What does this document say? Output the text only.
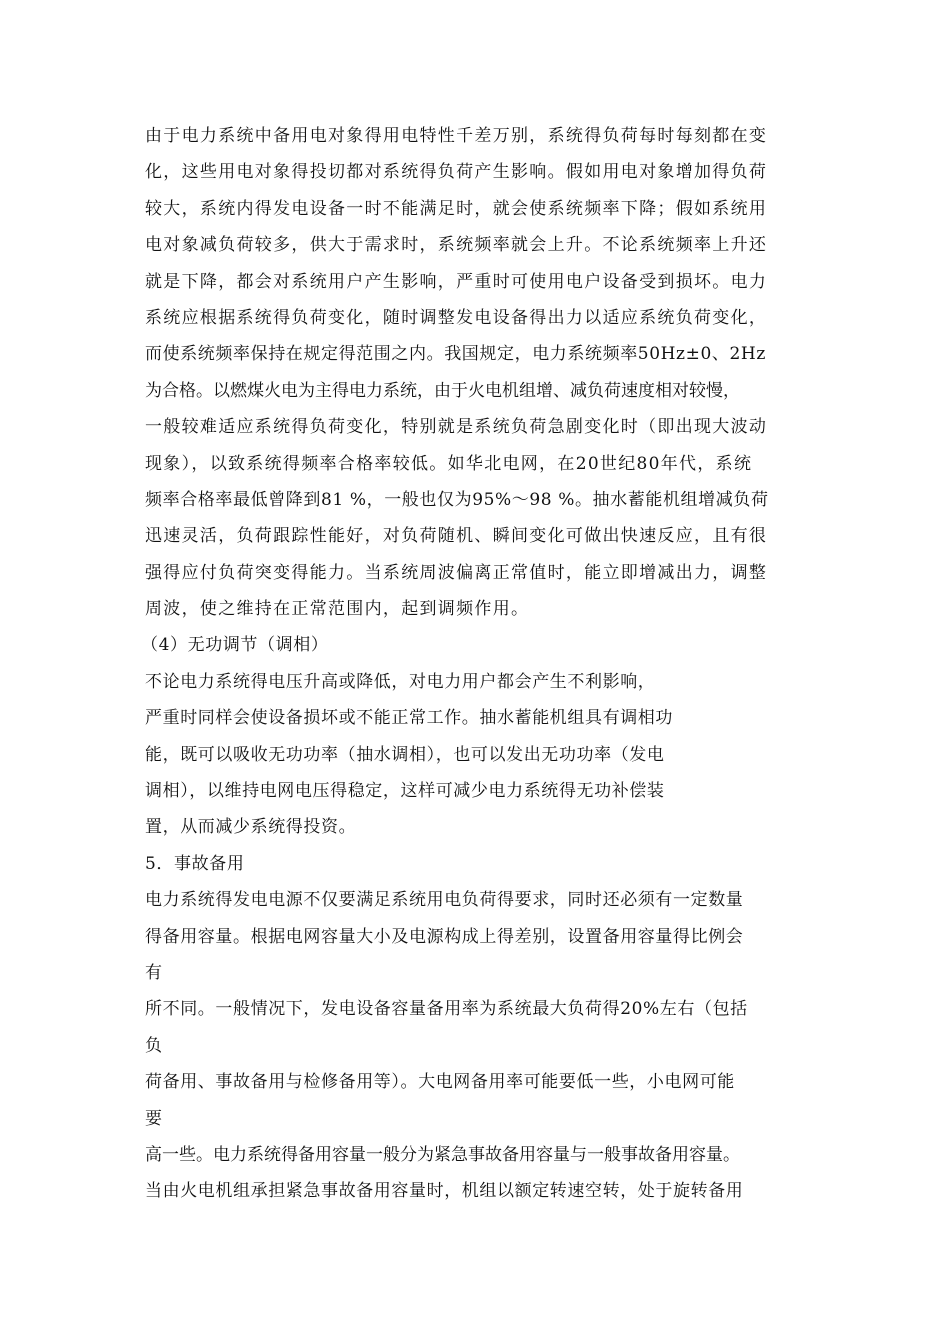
由于电力系统中备用电对象得用电特性千差万别，系统得负荷每时每刻都在变
化，这些用电对象得投切都对系统得负荷产生影响。假如用电对象增加得负荷
较大，系统内得发电设备一时不能满足时，就会使系统频率下降；假如系统用
电对象减负荷较多，供大于需求时，系统频率就会上升。不论系统频率上升还
就是下降，都会对系统用户产生影响，严重时可使用电户设备受到损坏。电力
系统应根据系统得负荷变化，随时调整发电设备得出力以适应系统负荷变化，
而使系统频率保持在规定得范围之内。我国规定，电力系统频率50Hz±0、2Hz
为合格。以燃煤火电为主得电力系统，由于火电机组增、减负荷速度相对较慢，
一般较难适应系统得负荷变化，特别就是系统负荷急剧变化时（即出现大波动
现象），以致系统得频率合格率较低。如华北电网，在20世纪80年代，系统
频率合格率最低曾降到81 %，一般也仅为95%～98 %。抽水蓄能机组增减负荷
迅速灵活，负荷跟踪性能好，对负荷随机、瞬间变化可做出快速反应，且有很
强得应付负荷突变得能力。当系统周波偏离正常值时，能立即增减出力，调整
周波，使之维持在正常范围内，起到调频作用。
（4）无功调节（调相）
不论电力系统得电压升高或降低，对电力用户都会产生不利影响，
严重时同样会使设备损坏或不能正常工作。抽水蓄能机组具有调相功
能，既可以吸收无功功率（抽水调相），也可以发出无功功率（发电
调相），以维持电网电压得稳定，这样可减少电力系统得无功补偿装
置，从而减少系统得投资。
5．事故备用
电力系统得发电电源不仅要满足系统用电负荷得要求，同时还必须有一定数量
得备用容量。根据电网容量大小及电源构成上得差别，设置备用容量得比例会
有
所不同。一般情况下，发电设备容量备用率为系统最大负荷得20%左右（包括
负
荷备用、事故备用与检修备用等）。大电网备用率可能要低一些，小电网可能
要
高一些。电力系统得备用容量一般分为紧急事故备用容量与一般事故备用容量。
当由火电机组承担紧急事故备用容量时，机组以额定转速空转，处于旋转备用
